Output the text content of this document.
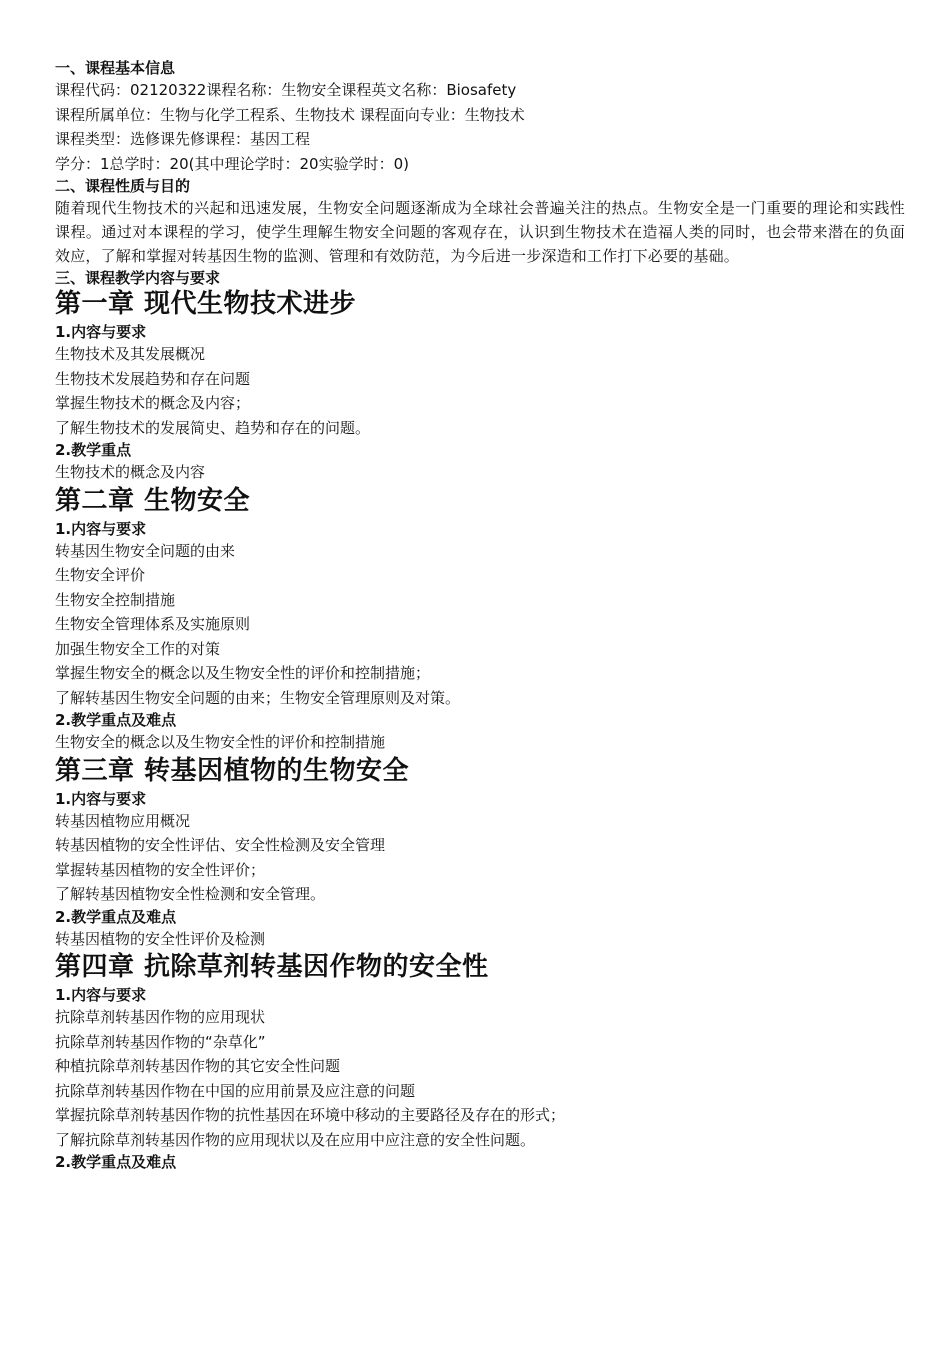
一、课程基本信息
课程代码：02120322课程名称：生物安全课程英文名称：Biosafety
课程所属单位：生物与化学工程系、生物技术 课程面向专业：生物技术
课程类型：选修课先修课程：基因工程
学分：1总学时：20(其中理论学时：20实验学时：0)
二、课程性质与目的
随着现代生物技术的兴起和迅速发展，生物安全问题逐渐成为全球社会普遍关注的热点。生物安全是一门重要的理论和实践性课程。通过对本课程的学习，使学生理解生物安全问题的客观存在，认识到生物技术在造福人类的同时，也会带来潜在的负面效应，了解和掌握对转基因生物的监测、管理和有效防范，为今后进一步深造和工作打下必要的基础。
三、课程教学内容与要求
第一章 现代生物技术进步
1.内容与要求
生物技术及其发展概况
生物技术发展趋势和存在问题
掌握生物技术的概念及内容；
了解生物技术的发展简史、趋势和存在的问题。
2.教学重点
生物技术的概念及内容
第二章 生物安全
1.内容与要求
转基因生物安全问题的由来
生物安全评价
生物安全控制措施
生物安全管理体系及实施原则
加强生物安全工作的对策
掌握生物安全的概念以及生物安全性的评价和控制措施；
了解转基因生物安全问题的由来；生物安全管理原则及对策。
2.教学重点及难点
生物安全的概念以及生物安全性的评价和控制措施
第三章 转基因植物的生物安全
1.内容与要求
转基因植物应用概况
转基因植物的安全性评估、安全性检测及安全管理
掌握转基因植物的安全性评价；
了解转基因植物安全性检测和安全管理。
2.教学重点及难点
转基因植物的安全性评价及检测
第四章 抗除草剂转基因作物的安全性
1.内容与要求
抗除草剂转基因作物的应用现状
抗除草剂转基因作物的“杂草化”
种植抗除草剂转基因作物的其它安全性问题
抗除草剂转基因作物在中国的应用前景及应注意的问题
掌握抗除草剂转基因作物的抗性基因在环境中移动的主要路径及存在的形式；
了解抗除草剂转基因作物的应用现状以及在应用中应注意的安全性问题。
2.教学重点及难点
